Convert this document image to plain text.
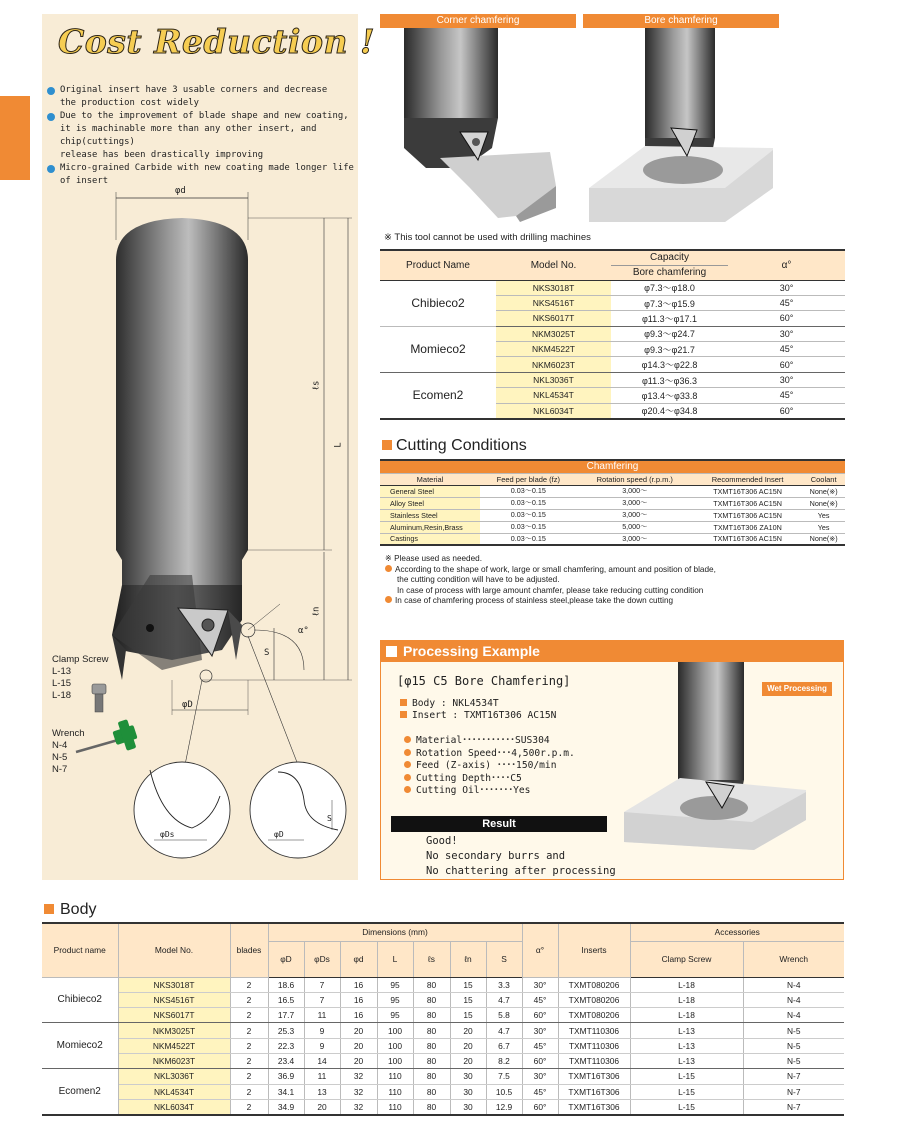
Cost Reduction !
Original insert have 3 usable corners and decrease
the production cost widely
Due to the improvement of blade shape and new coating,
it is machinable more than any other insert, and chip(cuttings)
release has been drastically improving
Micro-grained Carbide with new coating made longer life of insert
φd
ℓs
L
ℓn
S
α°
φD
φDs	φD
S
Clamp Screw
L-13
L-15
L-18
Wrench
N-4
N-5
N-7
Corner chamfering	Bore chamfering
※ This tool cannot be used with drilling machines
Product Name	Model No.	Capacity	α°
		Bore chamfering	
Chibieco2	NKS3018T	φ7.3～φ18.0	30°
	NKS4516T	φ7.3～φ15.9	45°
	NKS6017T	φ11.3～φ17.1	60°
Momieco2	NKM3025T	φ9.3～φ24.7	30°
	NKM4522T	φ9.3～φ21.7	45°
	NKM6023T	φ14.3～φ22.8	60°
Ecomen2	NKL3036T	φ11.3～φ36.3	30°
	NKL4534T	φ13.4～φ33.8	45°
	NKL6034T	φ20.4～φ34.8	60°
Cutting Conditions
Chamfering				
Material	Feed per blade (fz)	Rotation speed (r.p.m.)	Recommended Insert	Coolant
General Steel	0.03～0.15	3,000～	TXMT16T306 AC15N	None(※)
Alloy Steel	0.03～0.15	3,000～	TXMT16T306 AC15N	None(※)
Stainless Steel	0.03～0.15	3,000～	TXMT16T306 AC15N	Yes
Aluminum,Resin,Brass	0.03～0.15	5,000～	TXMT16T306 ZA10N	Yes
Castings	0.03～0.15	3,000～	TXMT16T306 AC15N	None(※)
※ Please used as needed.
According to the shape of work, large or small chamfering, amount and position of blade,
the cutting condition will have to be adjusted.
In case of process with large amount chamfer, please take reducing cutting condition
In case of chamfering process of stainless steel,please take the down cutting
Processing Example
[φ15 C5 Bore Chamfering]
Body : NKL4534T
Insert : TXMT16T306 AC15N
Wet Processing
Material･･･････････SUS304
Rotation Speed･･･4,500r.p.m.
Feed (Z-axis) ････150/min
Cutting Depth････C5
Cutting Oil･･･････Yes
Result
Good!
No secondary burrs and
No chattering after processing
Body
Product name	Model No.	blades	Dimensions (mm)							α°	Inserts	Accessories	
			φD	φDs	φd	L	ℓs	ℓn	S			Clamp Screw	Wrench
Chibieco2	NKS3018T	2	18.6	7	16	95	80	15	3.3	30°	TXMT080206	L-18	N-4
	NKS4516T	2	16.5	7	16	95	80	15	4.7	45°	TXMT080206	L-18	N-4
	NKS6017T	2	17.7	11	16	95	80	15	5.8	60°	TXMT080206	L-18	N-4
Momieco2	NKM3025T	2	25.3	9	20	100	80	20	4.7	30°	TXMT110306	L-13	N-5
	NKM4522T	2	22.3	9	20	100	80	20	6.7	45°	TXMT110306	L-13	N-5
	NKM6023T	2	23.4	14	20	100	80	20	8.2	60°	TXMT110306	L-13	N-5
Ecomen2	NKL3036T	2	36.9	11	32	110	80	30	7.5	30°	TXMT16T306	L-15	N-7
	NKL4534T	2	34.1	13	32	110	80	30	10.5	45°	TXMT16T306	L-15	N-7
	NKL6034T	2	34.9	20	32	110	80	30	12.9	60°	TXMT16T306	L-15	N-7
